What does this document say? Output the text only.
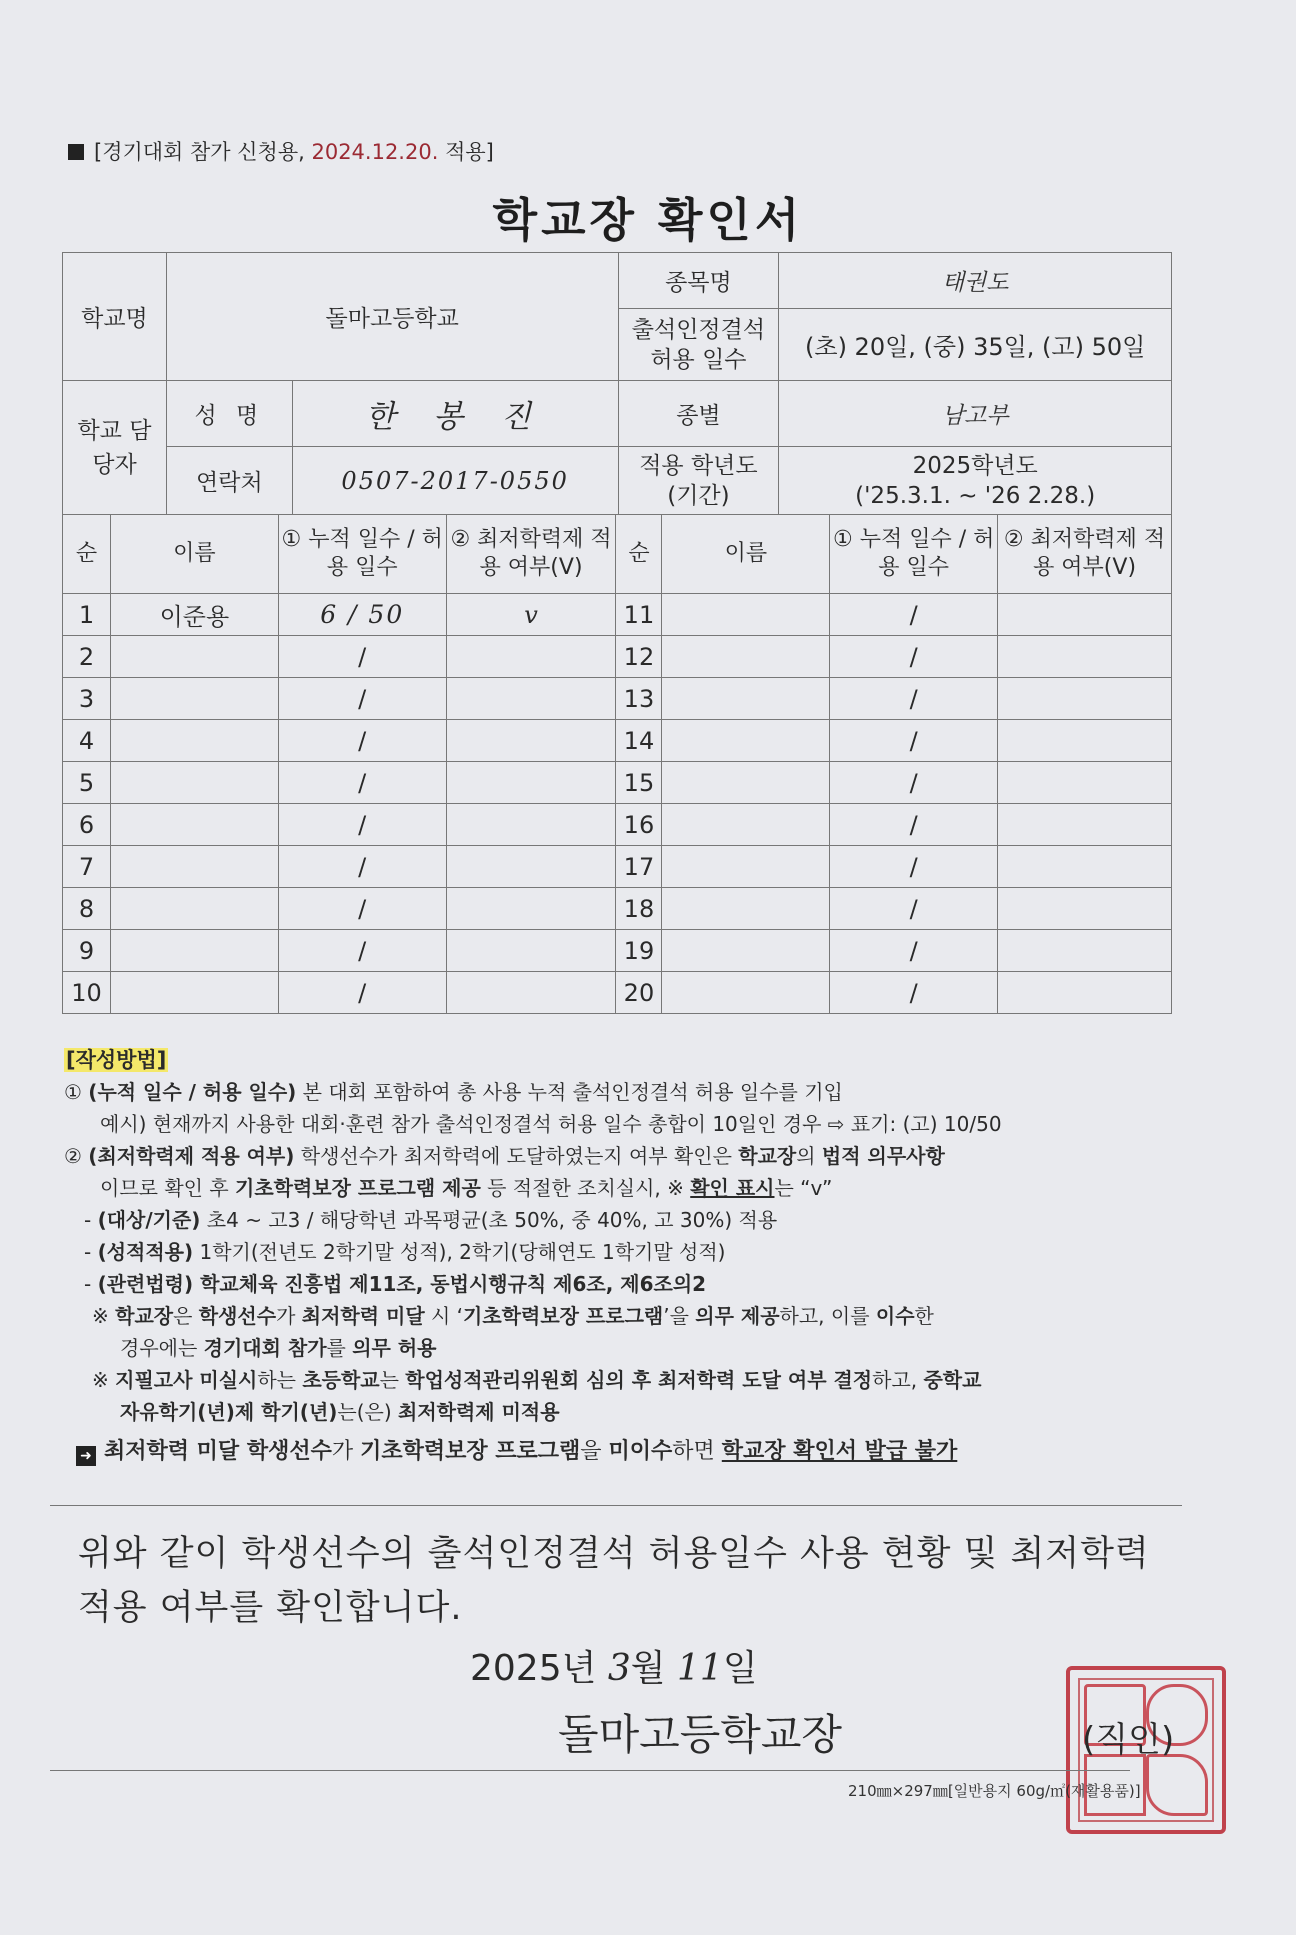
[경기대회 참가 신청용, 2024.12.20. 적용]
학교장 확인서
학교명	돌마고등학교		종목명	태권도
			출석인정결석 허용 일수	(초) 20일, (중) 35일, (고) 50일
학교 담당자	성 명	한 봉 진	종별	남고부
	연락처	0507-2017-0550	적용 학년도 (기간)	2025학년도
('25.3.1. ~ '26 2.28.)
순	이름	① 누적 일수 / 허용 일수	② 최저학력제 적용 여부(V)	순	이름	① 누적 일수 / 허용 일수	② 최저학력제 적용 여부(V)
1	이준용	6 / 50	v	11		/	
2		/		12		/	
3		/		13		/	
4		/		14		/	
5		/		15		/	
6		/		16		/	
7		/		17		/	
8		/		18		/	
9		/		19		/	
10		/		20		/	
[작성방법]
① (누적 일수 / 허용 일수) 본 대회 포함하여 총 사용 누적 출석인정결석 허용 일수를 기입
예시) 현재까지 사용한 대회·훈련 참가 출석인정결석 허용 일수 총합이 10일인 경우 ⇨ 표기: (고) 10/50
② (최저학력제 적용 여부) 학생선수가 최저학력에 도달하였는지 여부 확인은 학교장의 법적 의무사항
이므로 확인 후 기초학력보장 프로그램 제공 등 적절한 조치실시, ※ 확인 표시는 “v”
- (대상/기준) 초4 ~ 고3 / 해당학년 과목평균(초 50%, 중 40%, 고 30%) 적용
- (성적적용) 1학기(전년도 2학기말 성적), 2학기(당해연도 1학기말 성적)
- (관련법령) 학교체육 진흥법 제11조, 동법시행규칙 제6조, 제6조의2
※ 학교장은 학생선수가 최저학력 미달 시 ‘기초학력보장 프로그램’을 의무 제공하고, 이를 이수한
경우에는 경기대회 참가를 의무 허용
※ 지필고사 미실시하는 초등학교는 학업성적관리위원회 심의 후 최저학력 도달 여부 결정하고, 중학교
자유학기(년)제 학기(년)는(은) 최저학력제 미적용
➜ 최저학력 미달 학생선수가 기초학력보장 프로그램을 미이수하면 학교장 확인서 발급 불가
위와 같이 학생선수의 출석인정결석 허용일수 사용 현황 및 최저학력 적용 여부를 확인합니다.
2025년 3월 11일
돌마고등학교장	(직인)
210㎜×297㎜[일반용지 60g/㎡(재활용품)]
